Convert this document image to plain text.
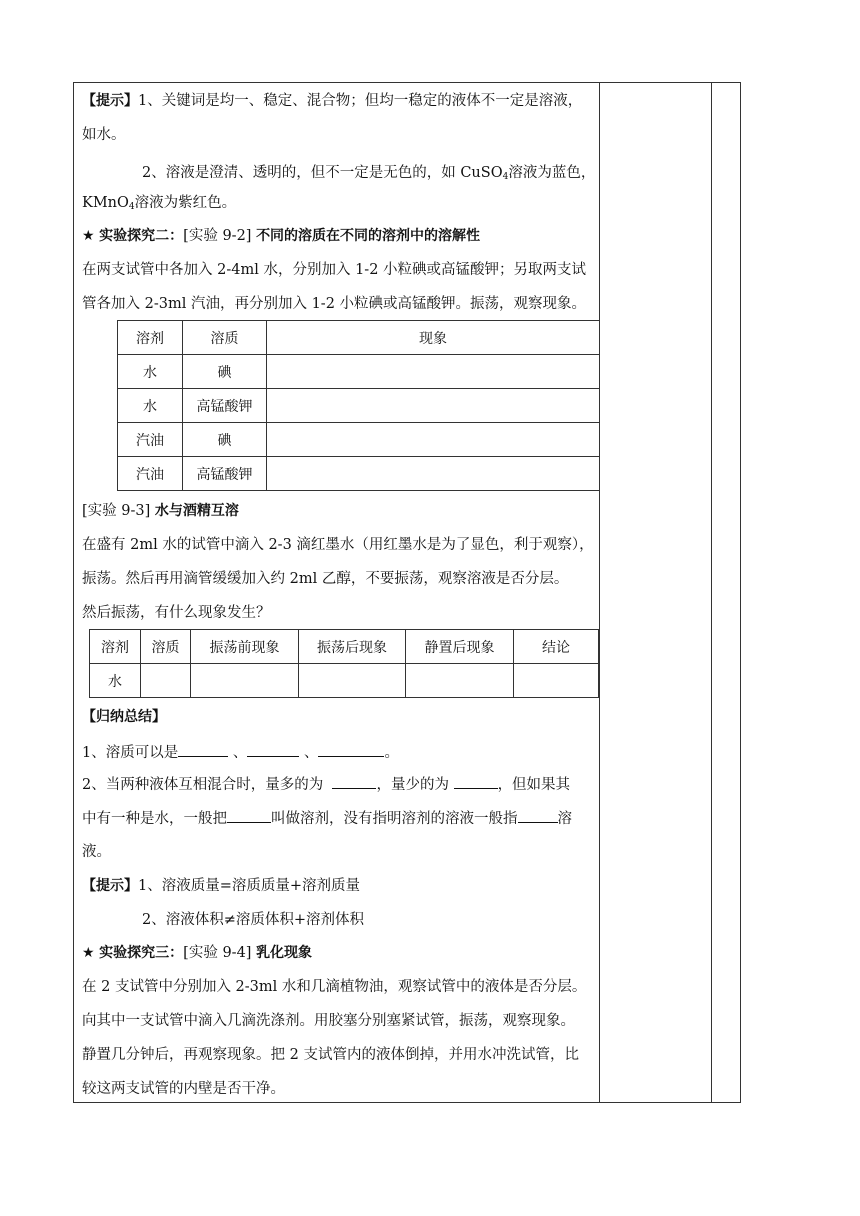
【提示】1、关键词是均一、稳定、混合物；但均一稳定的液体不一定是溶液，
如水。
2、溶液是澄清、透明的，但不一定是无色的，如 CuSO$_4$溶液为蓝色，
KMnO$_4$溶液为紫红色。
★ 实验探究二：[实验 9-2] 不同的溶质在不同的溶剂中的溶解性
在两支试管中各加入 2-4ml 水，分别加入 1-2 小粒碘或高锰酸钾；另取两支试
管各加入 2-3ml 汽油，再分别加入 1-2 小粒碘或高锰酸钾。振荡，观察现象。
溶剂	溶质	现象
水	碘	
水	高锰酸钾	
汽油	碘	
汽油	高锰酸钾	
[实验 9-3] 水与酒精互溶
在盛有 2ml 水的试管中滴入 2-3 滴红墨水（用红墨水是为了显色，利于观察），
振荡。然后再用滴管缓缓加入约 2ml 乙醇，不要振荡，观察溶液是否分层。
然后振荡，有什么现象发生？
溶剂	溶质	振荡前现象	振荡后现象	静置后现象	结论
水					
【归纳总结】
1、溶质可以是	、	、	。
2、当两种液体互相混合时，量多的为	，量少的为	，但如果其
中有一种是水，一般把	叫做溶剂，没有指明溶剂的溶液一般指	溶
液。
【提示】1、溶液质量=溶质质量+溶剂质量
2、溶液体积≠溶质体积+溶剂体积
★ 实验探究三：[实验 9-4] 乳化现象
在 2 支试管中分别加入 2-3ml 水和几滴植物油，观察试管中的液体是否分层。
向其中一支试管中滴入几滴洗涤剂。用胶塞分别塞紧试管，振荡，观察现象。
静置几分钟后，再观察现象。把 2 支试管内的液体倒掉，并用水冲洗试管，比
较这两支试管的内壁是否干净。
